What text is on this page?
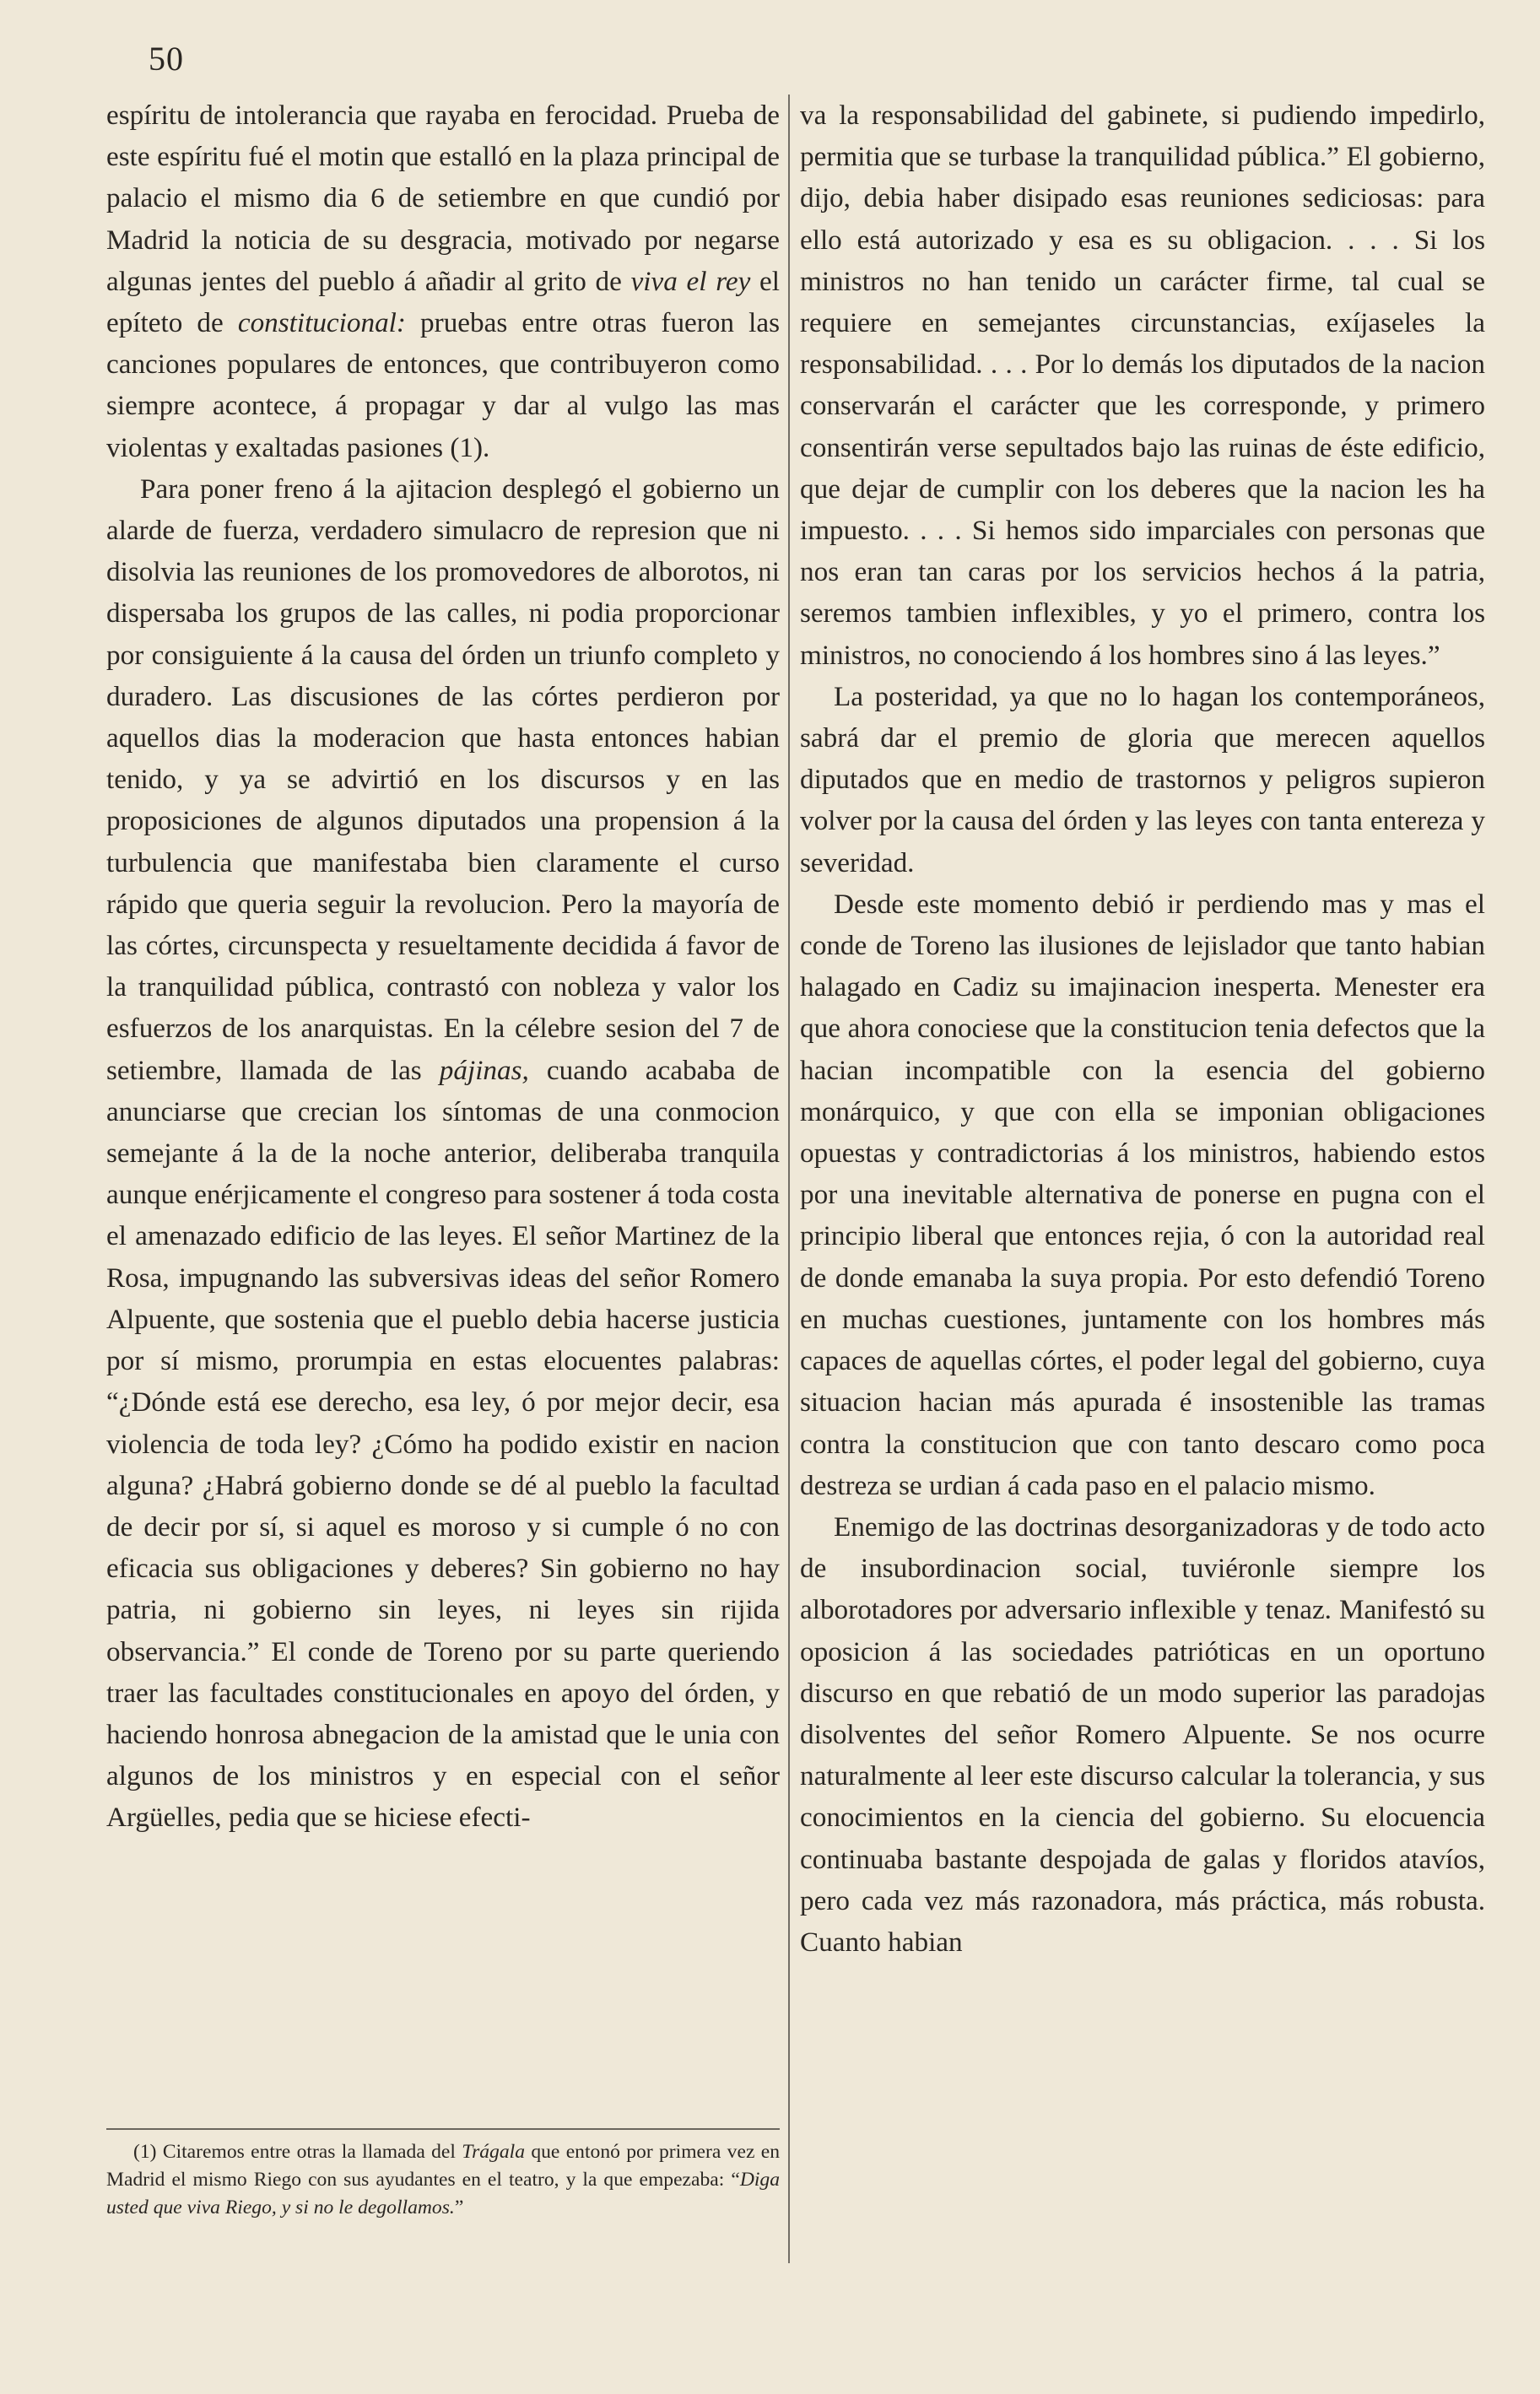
50

espíritu de intolerancia que rayaba en ferocidad. Prueba de este espíritu fué el motin que estalló en la plaza principal de palacio el mismo dia 6 de setiembre en que cundió por Madrid la noticia de su desgracia, motivado por negarse algunas jentes del pueblo á añadir al grito de viva el rey el epíteto de constitucional: pruebas entre otras fueron las canciones populares de entonces, que contribuyeron como siempre acontece, á propagar y dar al vulgo las mas violentas y exaltadas pasiones (1).

Para poner freno á la ajitacion desplegó el gobierno un alarde de fuerza, verdadero simulacro de represion que ni disolvia las reuniones de los promovedores de alborotos, ni dispersaba los grupos de las calles, ni podia proporcionar por consiguiente á la causa del órden un triunfo completo y duradero. Las discusiones de las córtes perdieron por aquellos dias la moderacion que hasta entonces habian tenido, y ya se advirtió en los discursos y en las proposiciones de algunos diputados una propension á la turbulencia que manifestaba bien claramente el curso rápido que queria seguir la revolucion. Pero la mayoría de las córtes, circunspecta y resueltamente decidida á favor de la tranquilidad pública, contrastó con nobleza y valor los esfuerzos de los anarquistas. En la célebre sesion del 7 de setiembre, llamada de las pájinas, cuando acababa de anunciarse que crecian los síntomas de una conmocion semejante á la de la noche anterior, deliberaba tranquila aunque enérjicamente el congreso para sostener á toda costa el amenazado edificio de las leyes. El señor Martinez de la Rosa, impugnando las subversivas ideas del señor Romero Alpuente, que sostenia que el pueblo debia hacerse justicia por sí mismo, prorumpia en estas elocuentes palabras: “¿Dónde está ese derecho, esa ley, ó por mejor decir, esa violencia de toda ley? ¿Cómo ha podido existir en nacion alguna? ¿Habrá gobierno donde se dé al pueblo la facultad de decir por sí, si aquel es moroso y si cumple ó no con eficacia sus obligaciones y deberes? Sin gobierno no hay patria, ni gobierno sin leyes, ni leyes sin rijida observancia.” El conde de Toreno por su parte queriendo traer las facultades constitucionales en apoyo del órden, y haciendo honrosa abnegacion de la amistad que le unia con algunos de los ministros y en especial con el señor Argüelles, pedia que se hiciese efecti-

va la responsabilidad del gabinete, si pudiendo impedirlo, permitia que se turbase la tranquilidad pública.” El gobierno, dijo, debia haber disipado esas reuniones sediciosas: para ello está autorizado y esa es su obligacion. . . . Si los ministros no han tenido un carácter firme, tal cual se requiere en semejantes circunstancias, exíjaseles la responsabilidad. . . . Por lo demás los diputados de la nacion conservarán el carácter que les corresponde, y primero consentirán verse sepultados bajo las ruinas de éste edificio, que dejar de cumplir con los deberes que la nacion les ha impuesto. . . . Si hemos sido imparciales con personas que nos eran tan caras por los servicios hechos á la patria, seremos tambien inflexibles, y yo el primero, contra los ministros, no conociendo á los hombres sino á las leyes.”

La posteridad, ya que no lo hagan los contemporáneos, sabrá dar el premio de gloria que merecen aquellos diputados que en medio de trastornos y peligros supieron volver por la causa del órden y las leyes con tanta entereza y severidad.

Desde este momento debió ir perdiendo mas y mas el conde de Toreno las ilusiones de lejislador que tanto habian halagado en Cadiz su imajinacion inesperta. Menester era que ahora conociese que la constitucion tenia defectos que la hacian incompatible con la esencia del gobierno monárquico, y que con ella se imponian obligaciones opuestas y contradictorias á los ministros, habiendo estos por una inevitable alternativa de ponerse en pugna con el principio liberal que entonces rejia, ó con la autoridad real de donde emanaba la suya propia. Por esto defendió Toreno en muchas cuestiones, juntamente con los hombres más capaces de aquellas córtes, el poder legal del gobierno, cuya situacion hacian más apurada é insostenible las tramas contra la constitucion que con tanto descaro como poca destreza se urdian á cada paso en el palacio mismo.

Enemigo de las doctrinas desorganizadoras y de todo acto de insubordinacion social, tuviéronle siempre los alborotadores por adversario inflexible y tenaz. Manifestó su oposicion á las sociedades patrióticas en un oportuno discurso en que rebatió de un modo superior las paradojas disolventes del señor Romero Alpuente. Se nos ocurre naturalmente al leer este discurso calcular la tolerancia, y sus conocimientos en la ciencia del gobierno. Su elocuencia continuaba bastante despojada de galas y floridos atavíos, pero cada vez más razonadora, más práctica, más robusta. Cuanto habian

(1) Citaremos entre otras la llamada del Trágala que entonó por primera vez en Madrid el mismo Riego con sus ayudantes en el teatro, y la que empezaba: “Diga usted que viva Riego, y si no le degollamos.”
